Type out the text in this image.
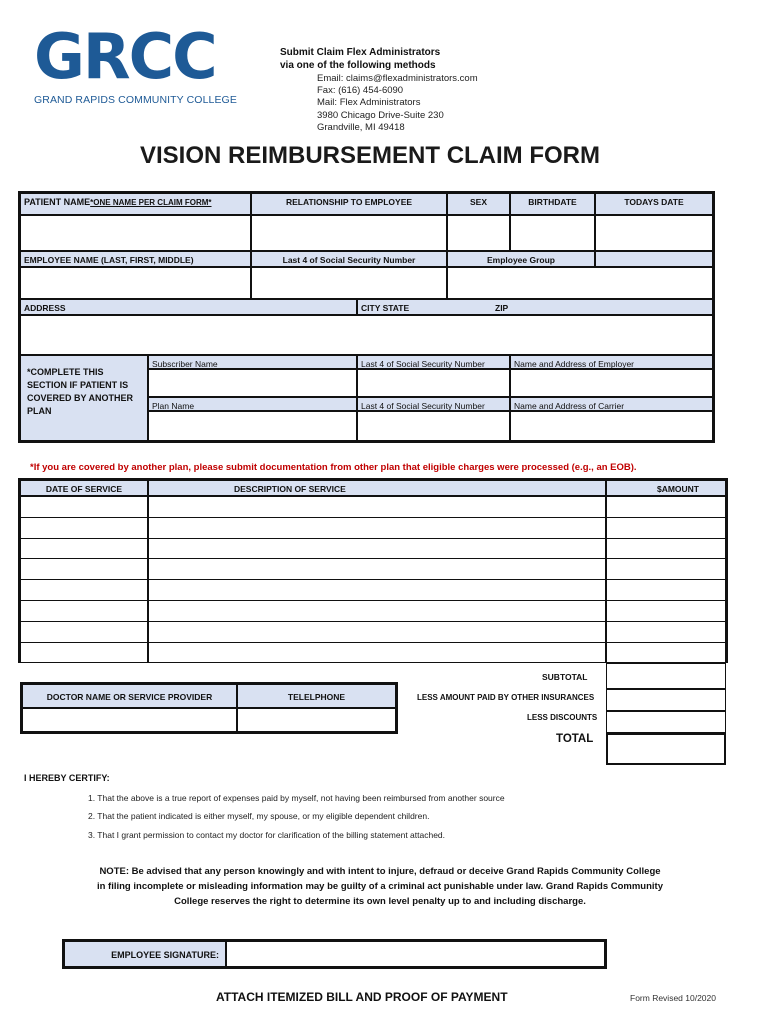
GRCC
GRAND RAPIDS COMMUNITY COLLEGE
Submit Claim Flex Administrators
via one of the following methods
Email: claims@flexadministrators.com
Fax: (616) 454-6090
Mail: Flex Administrators
3980 Chicago Drive-Suite 230
Grandville, MI 49418
VISION REIMBURSEMENT CLAIM FORM
PATIENT NAME*ONE NAME PER CLAIM FORM*	RELATIONSHIP TO EMPLOYEE	SEX	BIRTHDATE	TODAYS DATE
EMPLOYEE NAME (LAST, FIRST, MIDDLE)	Last 4 of Social Security Number	Employee Group
ADDRESS	CITY STATE	ZIP
*COMPLETE THIS SECTION IF PATIENT IS COVERED BY ANOTHER PLAN
Subscriber Name	Last 4 of Social Security Number	Name and Address of Employer
Plan Name	Last 4 of Social Security Number	Name and Address of Carrier
*If you are covered by another plan, please submit documentation from other plan that eligible charges were processed (e.g., an EOB).
DATE OF SERVICE	DESCRIPTION OF SERVICE	$AMOUNT
SUBTOTAL
LESS AMOUNT PAID BY OTHER INSURANCES
LESS DISCOUNTS
TOTAL
DOCTOR NAME OR SERVICE PROVIDER	TELELPHONE
I HEREBY CERTIFY:
1. That the above is a true report of expenses paid by myself, not having been reimbursed from another source
2. That the patient indicated is either myself, my spouse, or my eligible dependent children.
3. That I grant permission to contact my doctor for clarification of the billing statement attached.
NOTE: Be advised that any person knowingly and with intent to injure, defraud or deceive Grand Rapids Community College
in filing incomplete or misleading information may be guilty of a criminal act punishable under law. Grand Rapids Community
College reserves the right to determine its own level penalty up to and including discharge.
EMPLOYEE SIGNATURE:
ATTACH ITEMIZED BILL AND PROOF OF PAYMENT	Form Revised 10/2020
